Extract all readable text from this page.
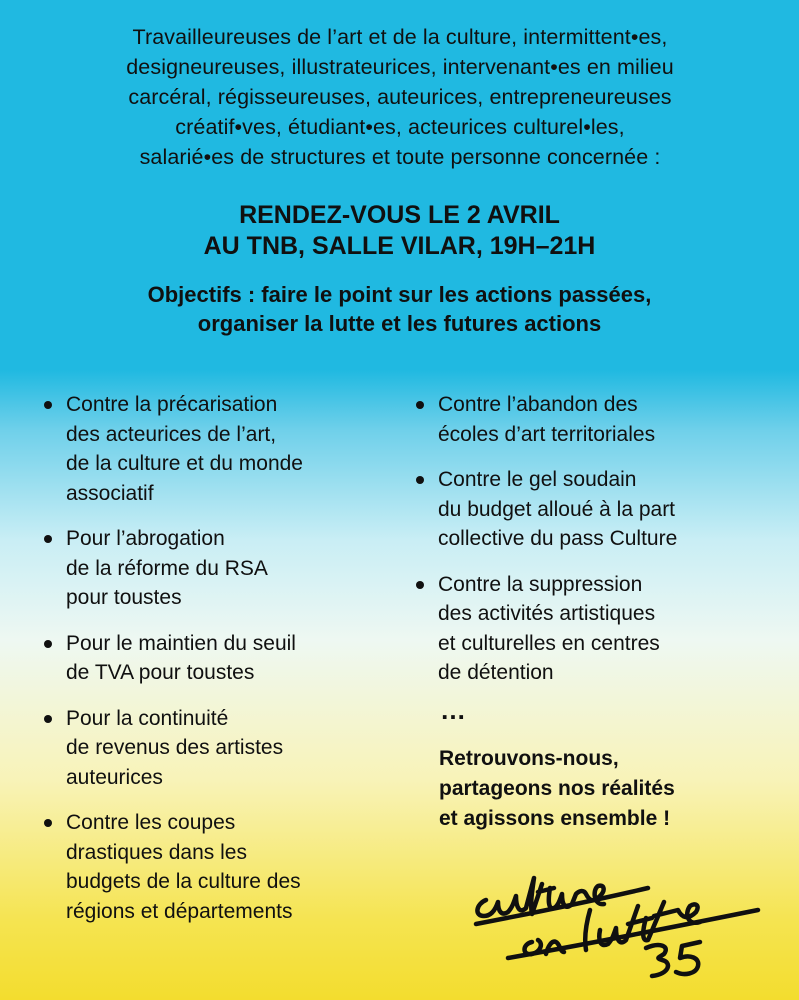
Travailleureuses de l’art et de la culture, intermittent•es,
designeureuses, illustrateurices, intervenant•es en milieu
carcéral, régisseureuses, auteurices, entrepreneureuses
créatif•ves, étudiant•es, acteurices culturel•les,
salarié•es de structures et toute personne concernée :
RENDEZ-VOUS LE 2 AVRIL
AU TNB, SALLE VILAR, 19H–21H
Objectifs : faire le point sur les actions passées,
organiser la lutte et les futures actions
Contre la précarisation
des acteurices de l’art,
de la culture et du monde
associatif
Pour l’abrogation
de la réforme du RSA
pour toustes
Pour le maintien du seuil
de TVA pour toustes
Pour la continuité
de revenus des artistes
auteurices
Contre les coupes
drastiques dans les
budgets de la culture des
régions et départements
Contre l’abandon des
écoles d’art territoriales
Contre le gel soudain
du budget alloué à la part
collective du pass Culture
Contre la suppression
des activités artistiques
et culturelles en centres
de détention
…
Retrouvons-nous,
partageons nos réalités
et agissons ensemble !
